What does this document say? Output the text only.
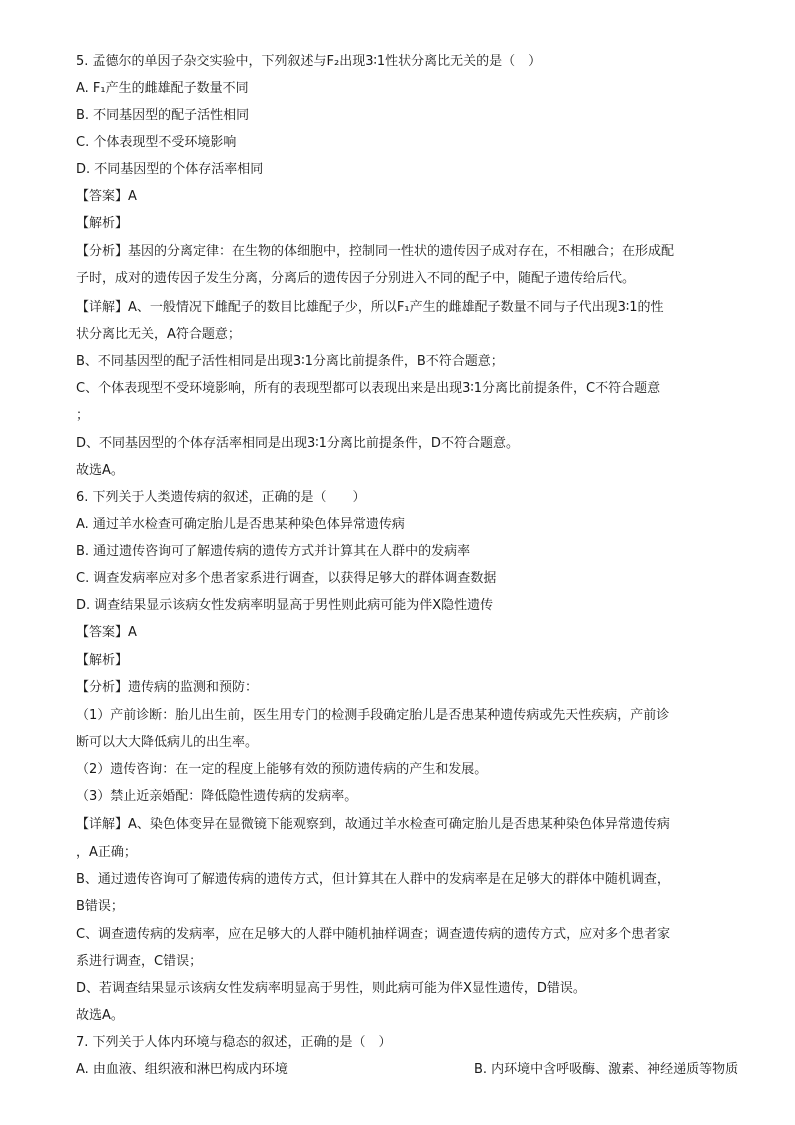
5. 孟德尔的单因子杂交实验中，下列叙述与F₂出现3∶1性状分离比无关的是（　）
A. F₁产生的雌雄配子数量不同
B. 不同基因型的配子活性相同
C. 个体表现型不受环境影响
D. 不同基因型的个体存活率相同
【答案】A
【解析】
【分析】基因的分离定律：在生物的体细胞中，控制同一性状的遗传因子成对存在，不相融合；在形成配
子时，成对的遗传因子发生分离，分离后的遗传因子分别进入不同的配子中，随配子遗传给后代。
【详解】A、一般情况下雌配子的数目比雄配子少，所以F₁产生的雌雄配子数量不同与子代出现3∶1的性
状分离比无关，A符合题意；
B、不同基因型的配子活性相同是出现3∶1分离比前提条件，B不符合题意；
C、个体表现型不受环境影响，所有的表现型都可以表现出来是出现3∶1分离比前提条件，C不符合题意
；
D、不同基因型的个体存活率相同是出现3∶1分离比前提条件，D不符合题意。
故选A。
6. 下列关于人类遗传病的叙述，正确的是（　　）
A. 通过羊水检查可确定胎儿是否患某种染色体异常遗传病
B. 通过遗传咨询可了解遗传病的遗传方式并计算其在人群中的发病率
C. 调查发病率应对多个患者家系进行调查，以获得足够大的群体调查数据
D. 调查结果显示该病女性发病率明显高于男性则此病可能为伴X隐性遗传
【答案】A
【解析】
【分析】遗传病的监测和预防：
（1）产前诊断：胎儿出生前，医生用专门的检测手段确定胎儿是否患某种遗传病或先天性疾病，产前诊
断可以大大降低病儿的出生率。
（2）遗传咨询：在一定的程度上能够有效的预防遗传病的产生和发展。
（3）禁止近亲婚配：降低隐性遗传病的发病率。
【详解】A、染色体变异在显微镜下能观察到，故通过羊水检查可确定胎儿是否患某种染色体异常遗传病
，A正确；
B、通过遗传咨询可了解遗传病的遗传方式，但计算其在人群中的发病率是在足够大的群体中随机调查，
B错误；
C、调查遗传病的发病率，应在足够大的人群中随机抽样调查；调查遗传病的遗传方式，应对多个患者家
系进行调查，C错误；
D、若调查结果显示该病女性发病率明显高于男性，则此病可能为伴X显性遗传，D错误。
故选A。
7. 下列关于人体内环境与稳态的叙述，正确的是（　）
A. 由血液、组织液和淋巴构成内环境	B. 内环境中含呼吸酶、激素、神经递质等物质
